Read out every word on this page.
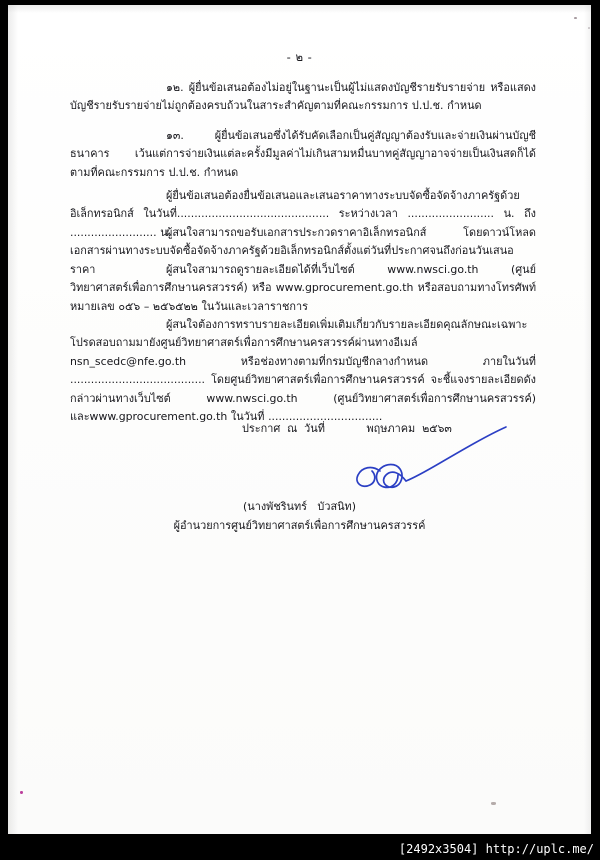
- ๒ -
๑๒. ผู้ยื่นข้อเสนอต้องไม่อยู่ในฐานะเป็นผู้ไม่แสดงบัญชีรายรับรายจ่าย หรือแสดงบัญชีรายรับรายจ่ายไม่ถูกต้องครบถ้วนในสาระสำคัญตามที่คณะกรรมการ ป.ป.ช. กำหนด
๑๓. ผู้ยื่นข้อเสนอซึ่งได้รับคัดเลือกเป็นคู่สัญญาต้องรับและจ่ายเงินผ่านบัญชีธนาคาร เว้นแต่การจ่ายเงินแต่ละครั้งมีมูลค่าไม่เกินสามหมื่นบาทคู่สัญญาอาจจ่ายเป็นเงินสดก็ได้ ตามที่คณะกรรมการ ป.ป.ช. กำหนด
ผู้ยื่นข้อเสนอต้องยื่นข้อเสนอและเสนอราคาทางระบบจัดซื้อจัดจ้างภาครัฐด้วยอิเล็กทรอนิกส์ ในวันที่............................................ ระหว่างเวลา ......................... น. ถึง ......................... น.
ผู้สนใจสามารถขอรับเอกสารประกวดราคาอิเล็กทรอนิกส์ โดยดาวน์โหลดเอกสารผ่านทางระบบจัดซื้อจัดจ้างภาครัฐด้วยอิเล็กทรอนิกส์ตั้งแต่วันที่ประกาศจนถึงก่อนวันเสนอราคา	ผู้สนใจสามารถดูรายละเอียดได้ที่เว็บไซต์ www.nwsci.go.th (ศูนย์วิทยาศาสตร์เพื่อการศึกษานครสวรรค์) หรือ www.gprocurement.go.th หรือสอบถามทางโทรศัพท์หมายเลข ๐๕๖ – ๒๕๖๕๒๒ ในวันและเวลาราชการ
ผู้สนใจต้องการทราบรายละเอียดเพิ่มเติมเกี่ยวกับรายละเอียดคุณลักษณะเฉพาะ โปรดสอบถามมายังศูนย์วิทยาศาสตร์เพื่อการศึกษานครสวรรค์ผ่านทางอีเมล์ nsn_scedc@nfe.go.th หรือช่องทางตามที่กรมบัญชีกลางกำหนด ภายในวันที่ ....................................... โดยศูนย์วิทยาศาสตร์เพื่อการศึกษานครสวรรค์ จะชี้แจงรายละเอียดดังกล่าวผ่านทางเว็บไซต์ www.nwsci.go.th (ศูนย์วิทยาศาสตร์เพื่อการศึกษานครสวรรค์) และwww.gprocurement.go.th ในวันที่ .................................
ประกาศ  ณ  วันที่            พฤษภาคม  ๒๕๖๓
(นางพัชรินทร์   บัวสนิท)
ผู้อำนวยการศูนย์วิทยาศาสตร์เพื่อการศึกษานครสวรรค์
[2492x3504] http://uplc.me/
